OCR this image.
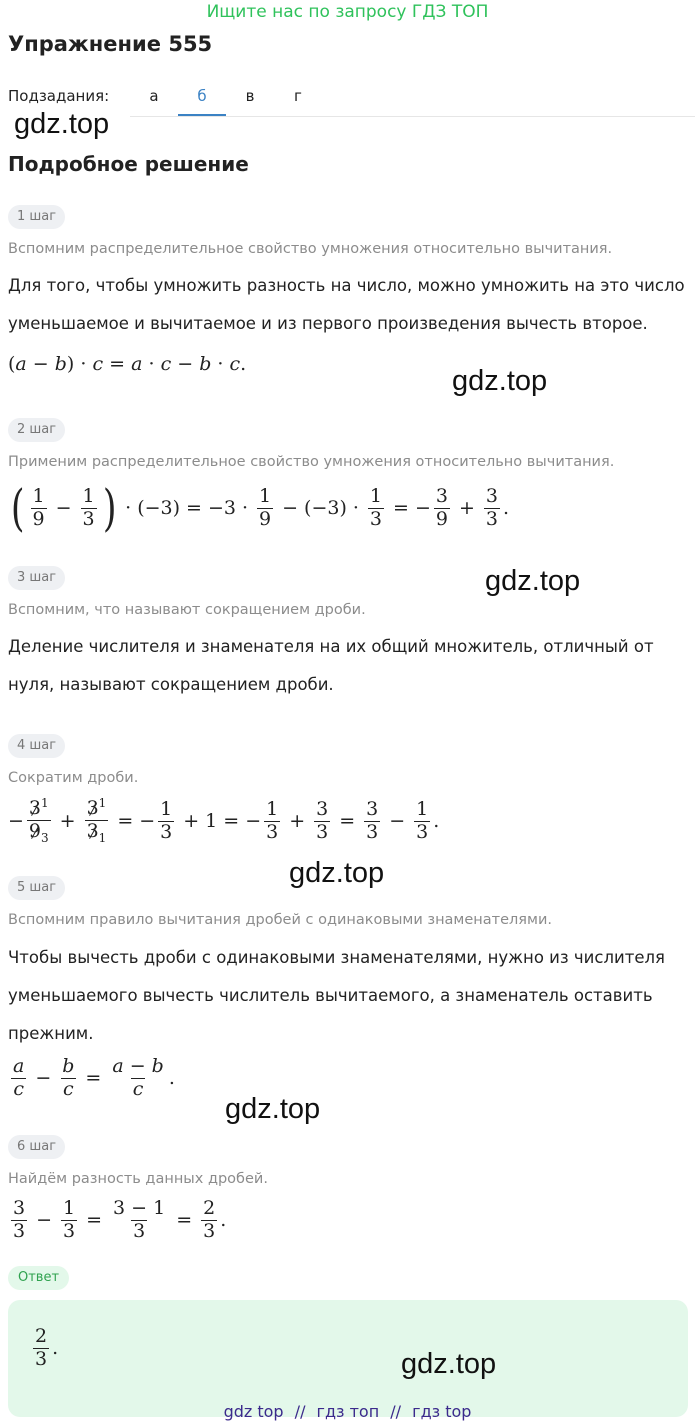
Ищите нас по запросу ГДЗ ТОП
Упражнение 555
Подзадания:	а	б	в	г
gdz.top
Подробное решение
1 шаг
Вспомним распределительное свойство умножения относительно вычитания.
Для того, чтобы умножить разность на число, можно умножить на это число уменьшаемое и вычитаемое и из первого произведения вычесть второе.
(a − b) · c = a · c − b · c.
gdz.top
2 шаг
Применим распределительное свойство умножения относительно вычитания.
( $\frac{1}{9} - \frac{1}{3}$ ) · $(-3) = -3 \cdot \frac{1}{9} - (-3) \cdot \frac{1}{3}$ = − $\frac{3}{9} + \frac{3}{3}$ .
gdz.top
3 шаг
Вспомним, что называют сокращением дроби.
Деление числителя и знаменателя на их общий множитель, отличный от нуля, называют сокращением дроби.
4 шаг
Сократим дроби.
− $\frac{3^1}{9_3} + \frac{3^1}{3_1}$ = − $\frac{1}{3} + 1$ = − $\frac{1}{3} + \frac{3}{3} = \frac{3}{3} - \frac{1}{3}$ .
gdz.top
5 шаг
Вспомним правило вычитания дробей с одинаковыми знаменателями.
Чтобы вычесть дроби с одинаковыми знаменателями, нужно из числителя уменьшаемого вычесть числитель вычитаемого, а знаменатель оставить прежним.
$\frac{a}{c} - \frac{b}{c} = \frac{a - b}{c}$ .
gdz.top
6 шаг
Найдём разность данных дробей.
$\frac{3}{3} - \frac{1}{3} = \frac{3 - 1}{3} = \frac{2}{3}$ .
Ответ
$\frac{2}{3}$ .	gdz.top
gdz top // гдз топ // гдз top
